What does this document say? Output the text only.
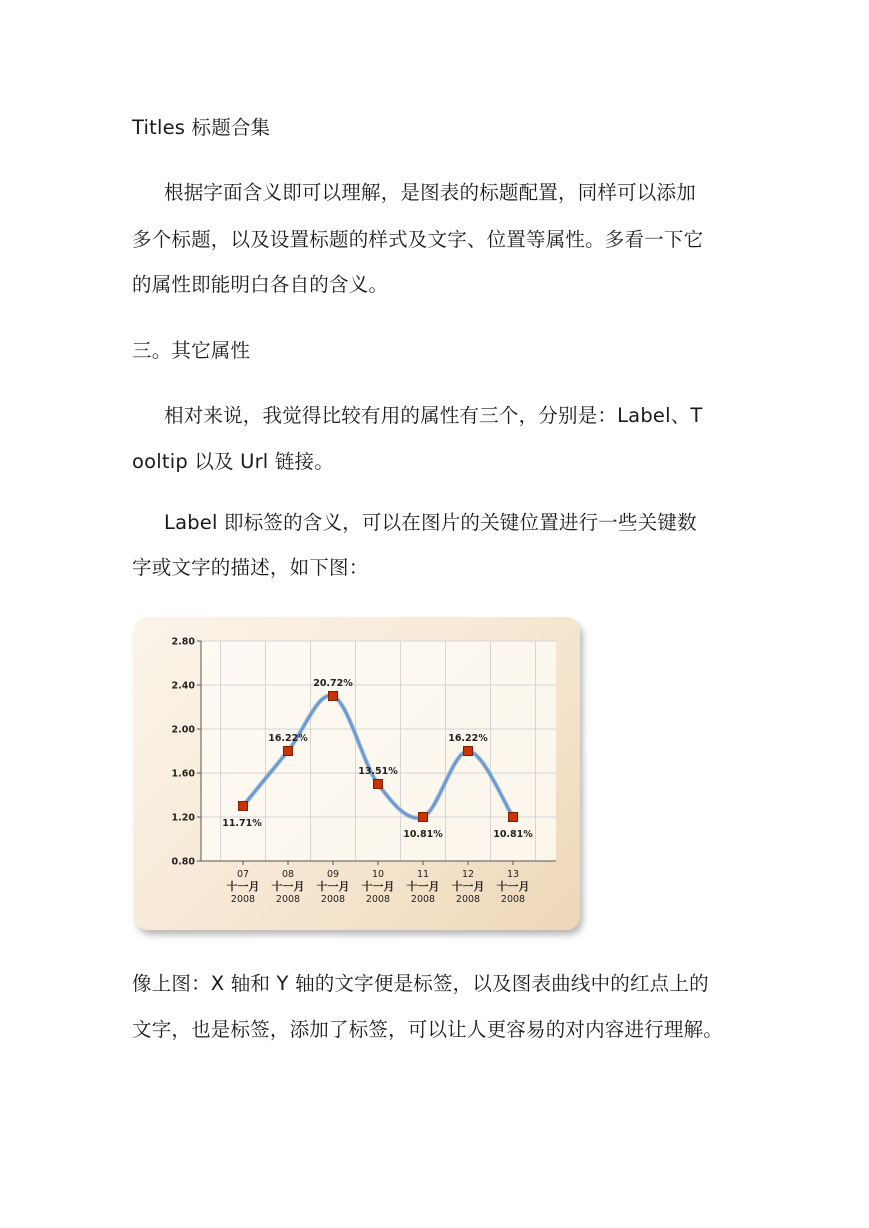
Titles 标题合集
根据字面含义即可以理解，是图表的标题配置，同样可以添加
多个标题，以及设置标题的样式及文字、位置等属性。多看一下它
的属性即能明白各自的含义。
三。其它属性
相对来说，我觉得比较有用的属性有三个，分别是：Label、T
ooltip 以及 Url 链接。
Label 即标签的含义，可以在图片的关键位置进行一些关键数
字或文字的描述，如下图：
0.80
1.20
1.60
2.00
2.40
2.80
07
十一月
2008
08
十一月
2008
09
十一月
2008
10
十一月
2008
11
十一月
2008
12
十一月
2008
13
十一月
2008
11.71%
16.22%
20.72%
13.51%
10.81%
16.22%
10.81%
像上图：X 轴和 Y 轴的文字便是标签，以及图表曲线中的红点上的
文字，也是标签，添加了标签，可以让人更容易的对内容进行理解。
